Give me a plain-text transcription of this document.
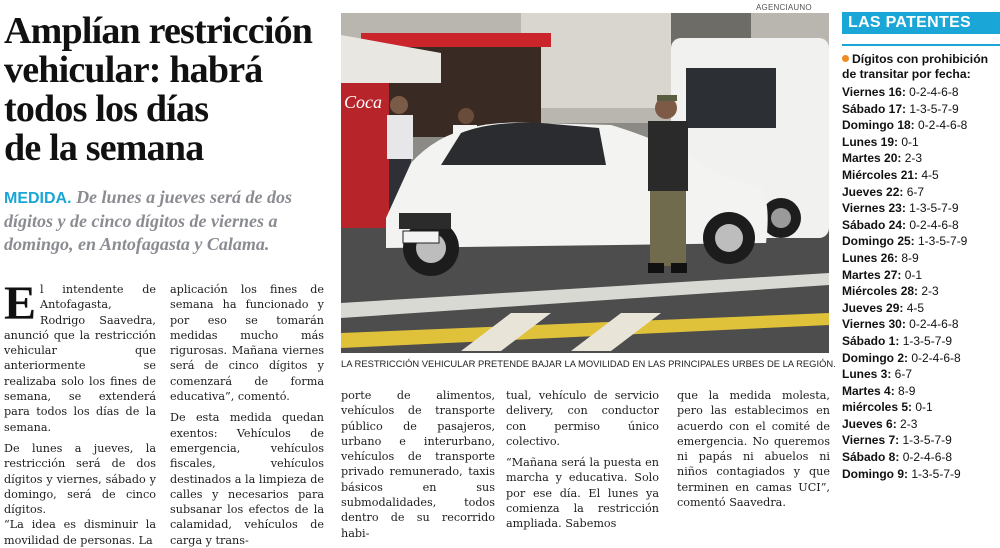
Amplían restricción
vehicular: habrá
todos los días
de la semana
MEDIDA. De lunes a jueves será de dos dígitos y de cinco dígitos de viernes a domingo, en Antofagasta y Calama.
AGENCIAUNO
Coca
LA RESTRICCIÓN VEHICULAR PRETENDE BAJAR LA MOVILIDAD EN LAS PRINCIPALES URBES DE LA REGIÓN.

El intendente de Antofagasta, Rodrigo Saavedra, anunció que la restricción vehicular que anteriormente se realizaba solo los fines de semana, se extenderá para todos los días de la semana.

De lunes a jueves, la restricción será de dos dígitos y viernes, sábado y domingo, será de cinco dígitos.

“La idea es disminuir la movilidad de personas. La

aplicación los fines de semana ha funcionado y por eso se tomarán medidas mucho más rigurosas. Mañana viernes será de cinco dígitos y comenzará de forma educativa”, comentó.

De esta medida quedan exentos: Vehículos de emergencia, vehículos fiscales, vehículos destinados a la limpieza de calles y necesarios para subsanar los efectos de la calamidad, vehículos de carga y trans-

porte de alimentos, vehículos de transporte público de pasajeros, urbano e interurbano, vehículos de transporte privado remunerado, taxis básicos en sus submodalidades, todos dentro de su recorrido habi-

tual, vehículo de servicio delivery, con conductor con permiso único colectivo.

“Mañana será la puesta en marcha y educativa. Solo por ese día. El lunes ya comienza la restricción ampliada. Sabemos

que la medida molesta, pero las establecimos en acuerdo con el comité de emergencia. No queremos ni papás ni abuelos ni niños contagiados y que terminen en camas UCI”, comentó Saavedra.

LAS PATENTES
Dígitos con prohibición de transitar por fecha:
Viernes 16: 0-2-4-6-8
Sábado 17: 1-3-5-7-9
Domingo 18: 0-2-4-6-8
Lunes 19: 0-1
Martes 20: 2-3
Miércoles 21: 4-5
Jueves 22: 6-7
Viernes 23: 1-3-5-7-9
Sábado 24: 0-2-4-6-8
Domingo 25: 1-3-5-7-9
Lunes 26: 8-9
Martes 27: 0-1
Miércoles 28: 2-3
Jueves 29: 4-5
Viernes 30: 0-2-4-6-8
Sábado 1: 1-3-5-7-9
Domingo 2: 0-2-4-6-8
Lunes 3: 6-7
Martes 4: 8-9
miércoles 5: 0-1
Jueves 6: 2-3
Viernes 7: 1-3-5-7-9
Sábado 8: 0-2-4-6-8
Domingo 9: 1-3-5-7-9
